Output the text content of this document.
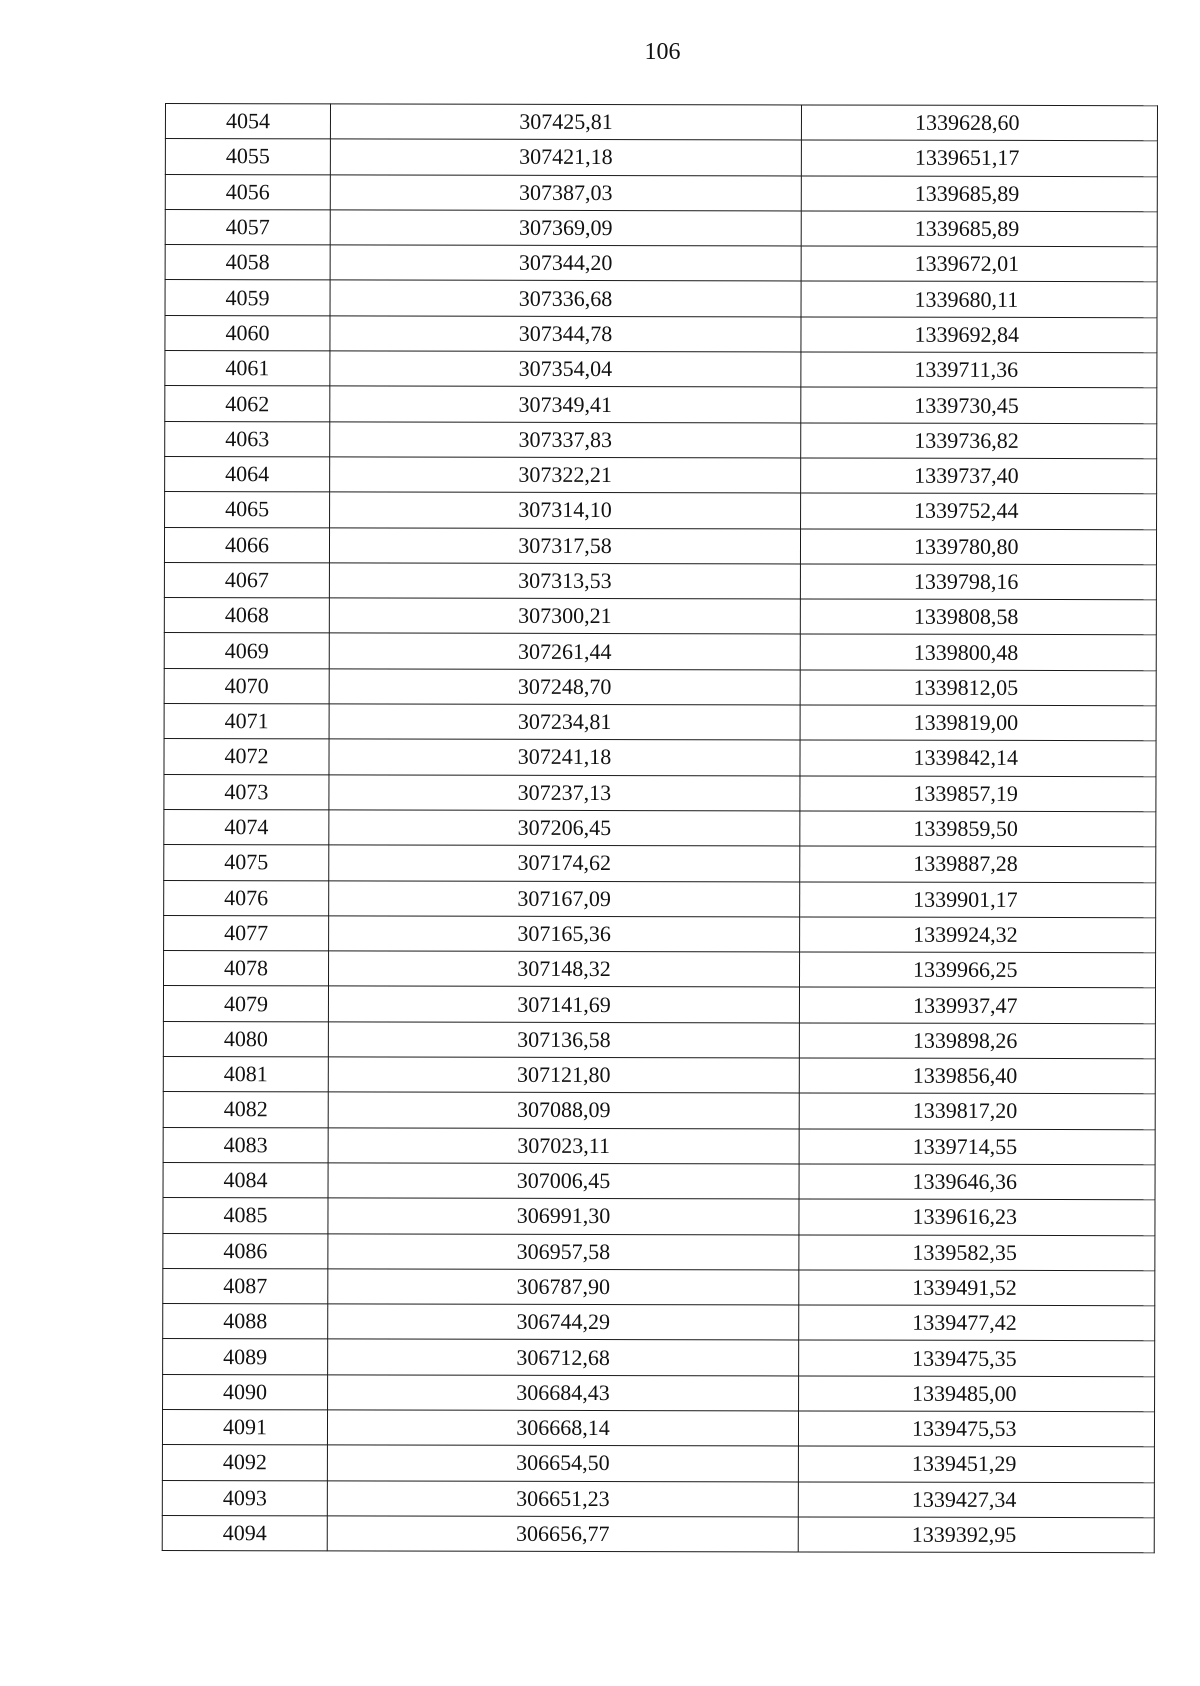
106
4054	307425,81	1339628,60
4055	307421,18	1339651,17
4056	307387,03	1339685,89
4057	307369,09	1339685,89
4058	307344,20	1339672,01
4059	307336,68	1339680,11
4060	307344,78	1339692,84
4061	307354,04	1339711,36
4062	307349,41	1339730,45
4063	307337,83	1339736,82
4064	307322,21	1339737,40
4065	307314,10	1339752,44
4066	307317,58	1339780,80
4067	307313,53	1339798,16
4068	307300,21	1339808,58
4069	307261,44	1339800,48
4070	307248,70	1339812,05
4071	307234,81	1339819,00
4072	307241,18	1339842,14
4073	307237,13	1339857,19
4074	307206,45	1339859,50
4075	307174,62	1339887,28
4076	307167,09	1339901,17
4077	307165,36	1339924,32
4078	307148,32	1339966,25
4079	307141,69	1339937,47
4080	307136,58	1339898,26
4081	307121,80	1339856,40
4082	307088,09	1339817,20
4083	307023,11	1339714,55
4084	307006,45	1339646,36
4085	306991,30	1339616,23
4086	306957,58	1339582,35
4087	306787,90	1339491,52
4088	306744,29	1339477,42
4089	306712,68	1339475,35
4090	306684,43	1339485,00
4091	306668,14	1339475,53
4092	306654,50	1339451,29
4093	306651,23	1339427,34
4094	306656,77	1339392,95
